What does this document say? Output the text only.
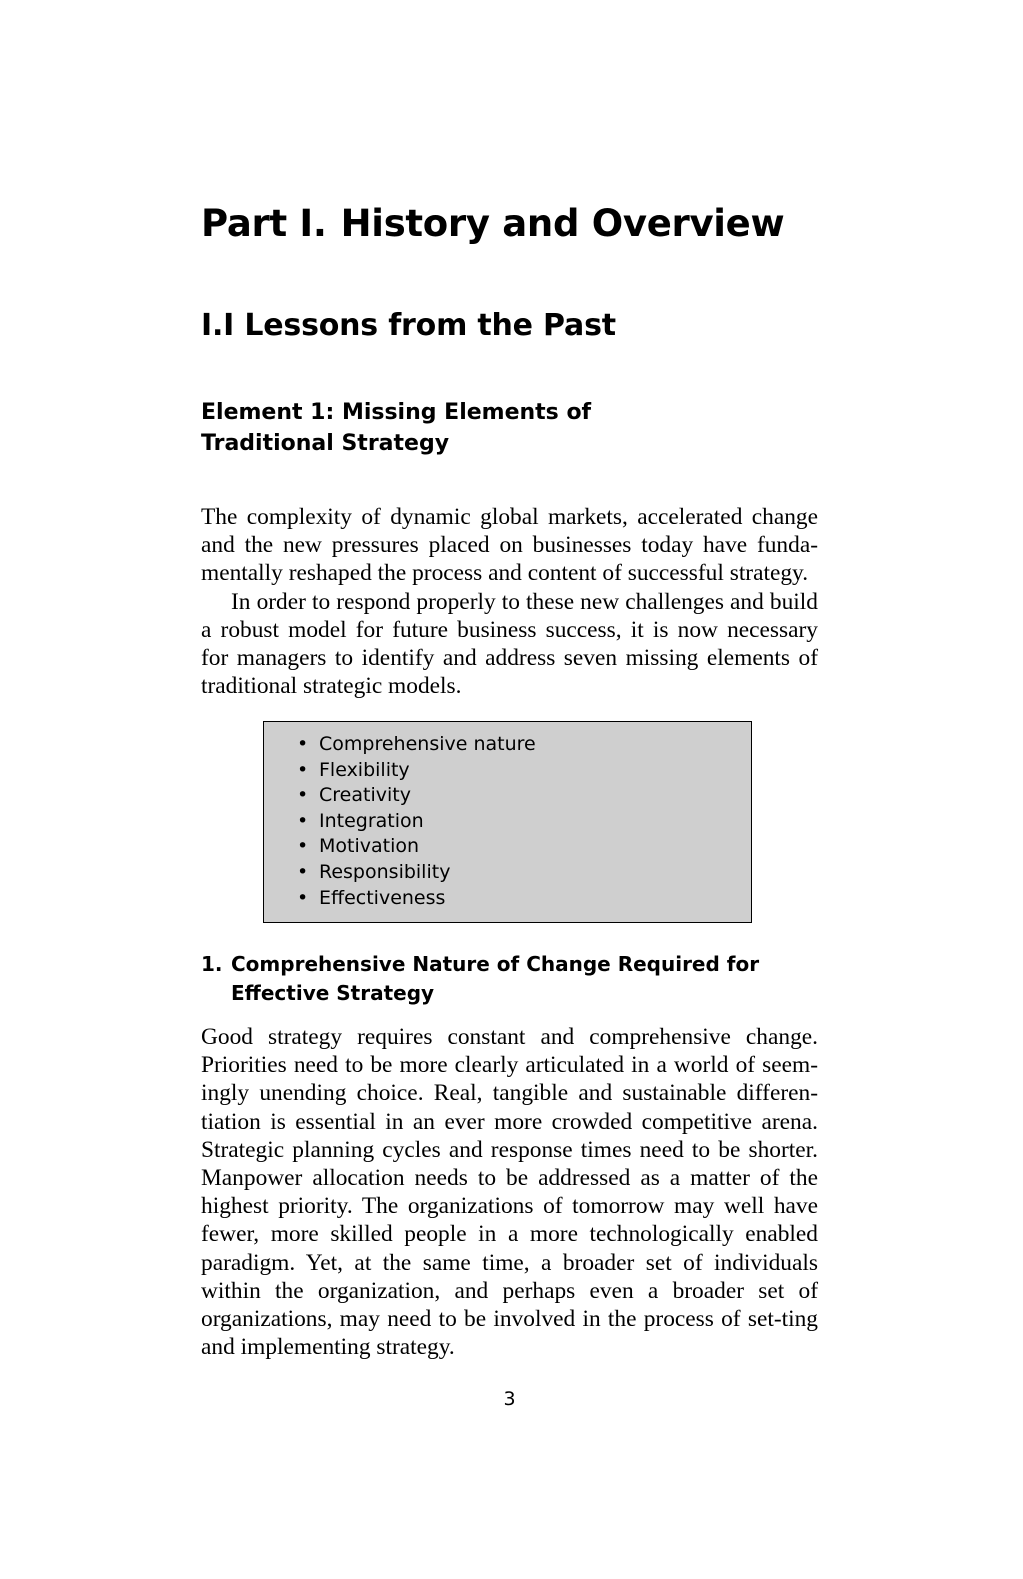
Part I. History and Overview
I.I Lessons from the Past
Element 1: Missing Elements of
Traditional Strategy
The complexity of dynamic global markets, accelerated change and the new pressures placed on businesses today have funda-mentally reshaped the process and content of successful strategy.
In order to respond properly to these new challenges and build a robust model for future business success, it is now necessary for managers to identify and address seven missing elements of traditional strategic models.
• Comprehensive nature
• Flexibility
• Creativity
• Integration
• Motivation
• Responsibility
• Effectiveness
1. Comprehensive Nature of Change Required for
Effective Strategy
Good strategy requires constant and comprehensive change. Priorities need to be more clearly articulated in a world of seem-ingly unending choice. Real, tangible and sustainable differen-tiation is essential in an ever more crowded competitive arena. Strategic planning cycles and response times need to be shorter. Manpower allocation needs to be addressed as a matter of the highest priority. The organizations of tomorrow may well have fewer, more skilled people in a more technologically enabled paradigm. Yet, at the same time, a broader set of individuals within the organization, and perhaps even a broader set of organizations, may need to be involved in the process of set-ting and implementing strategy.
3
